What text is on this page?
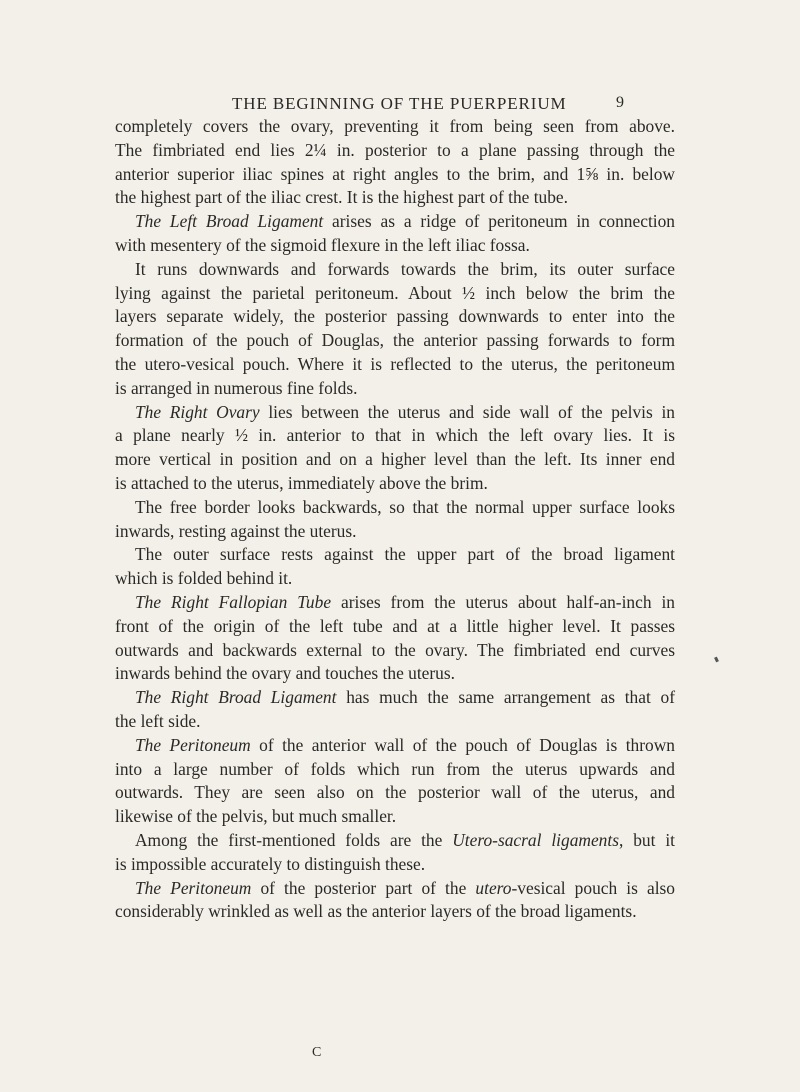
THE BEGINNING OF THE PUERPERIUM	9

completely covers the ovary, preventing it from being seen from above.
The fimbriated end lies 2¼ in. posterior to a plane passing through the
anterior superior iliac spines at right angles to the brim, and 1⅝ in. below
the highest part of the iliac crest. It is the highest part of the tube.

The Left Broad Ligament arises as a ridge of peritoneum in connection
with mesentery of the sigmoid flexure in the left iliac fossa.

It runs downwards and forwards towards the brim, its outer surface
lying against the parietal peritoneum. About ½ inch below the brim the
layers separate widely, the posterior passing downwards to enter into the
formation of the pouch of Douglas, the anterior passing forwards to form
the utero-vesical pouch. Where it is reflected to the uterus, the peritoneum
is arranged in numerous fine folds.

The Right Ovary lies between the uterus and side wall of the pelvis in
a plane nearly ½ in. anterior to that in which the left ovary lies. It is
more vertical in position and on a higher level than the left. Its inner end
is attached to the uterus, immediately above the brim.

The free border looks backwards, so that the normal upper surface looks
inwards, resting against the uterus.

The outer surface rests against the upper part of the broad ligament
which is folded behind it.

The Right Fallopian Tube arises from the uterus about half-an-inch in
front of the origin of the left tube and at a little higher level. It passes
outwards and backwards external to the ovary. The fimbriated end curves
inwards behind the ovary and touches the uterus.

The Right Broad Ligament has much the same arrangement as that of
the left side.

The Peritoneum of the anterior wall of the pouch of Douglas is thrown
into a large number of folds which run from the uterus upwards and
outwards. They are seen also on the posterior wall of the uterus, and
likewise of the pelvis, but much smaller.

Among the first-mentioned folds are the Utero-sacral ligaments, but it
is impossible accurately to distinguish these.

The Peritoneum of the posterior part of the utero-vesical pouch is also
considerably wrinkled as well as the anterior layers of the broad ligaments.

C
